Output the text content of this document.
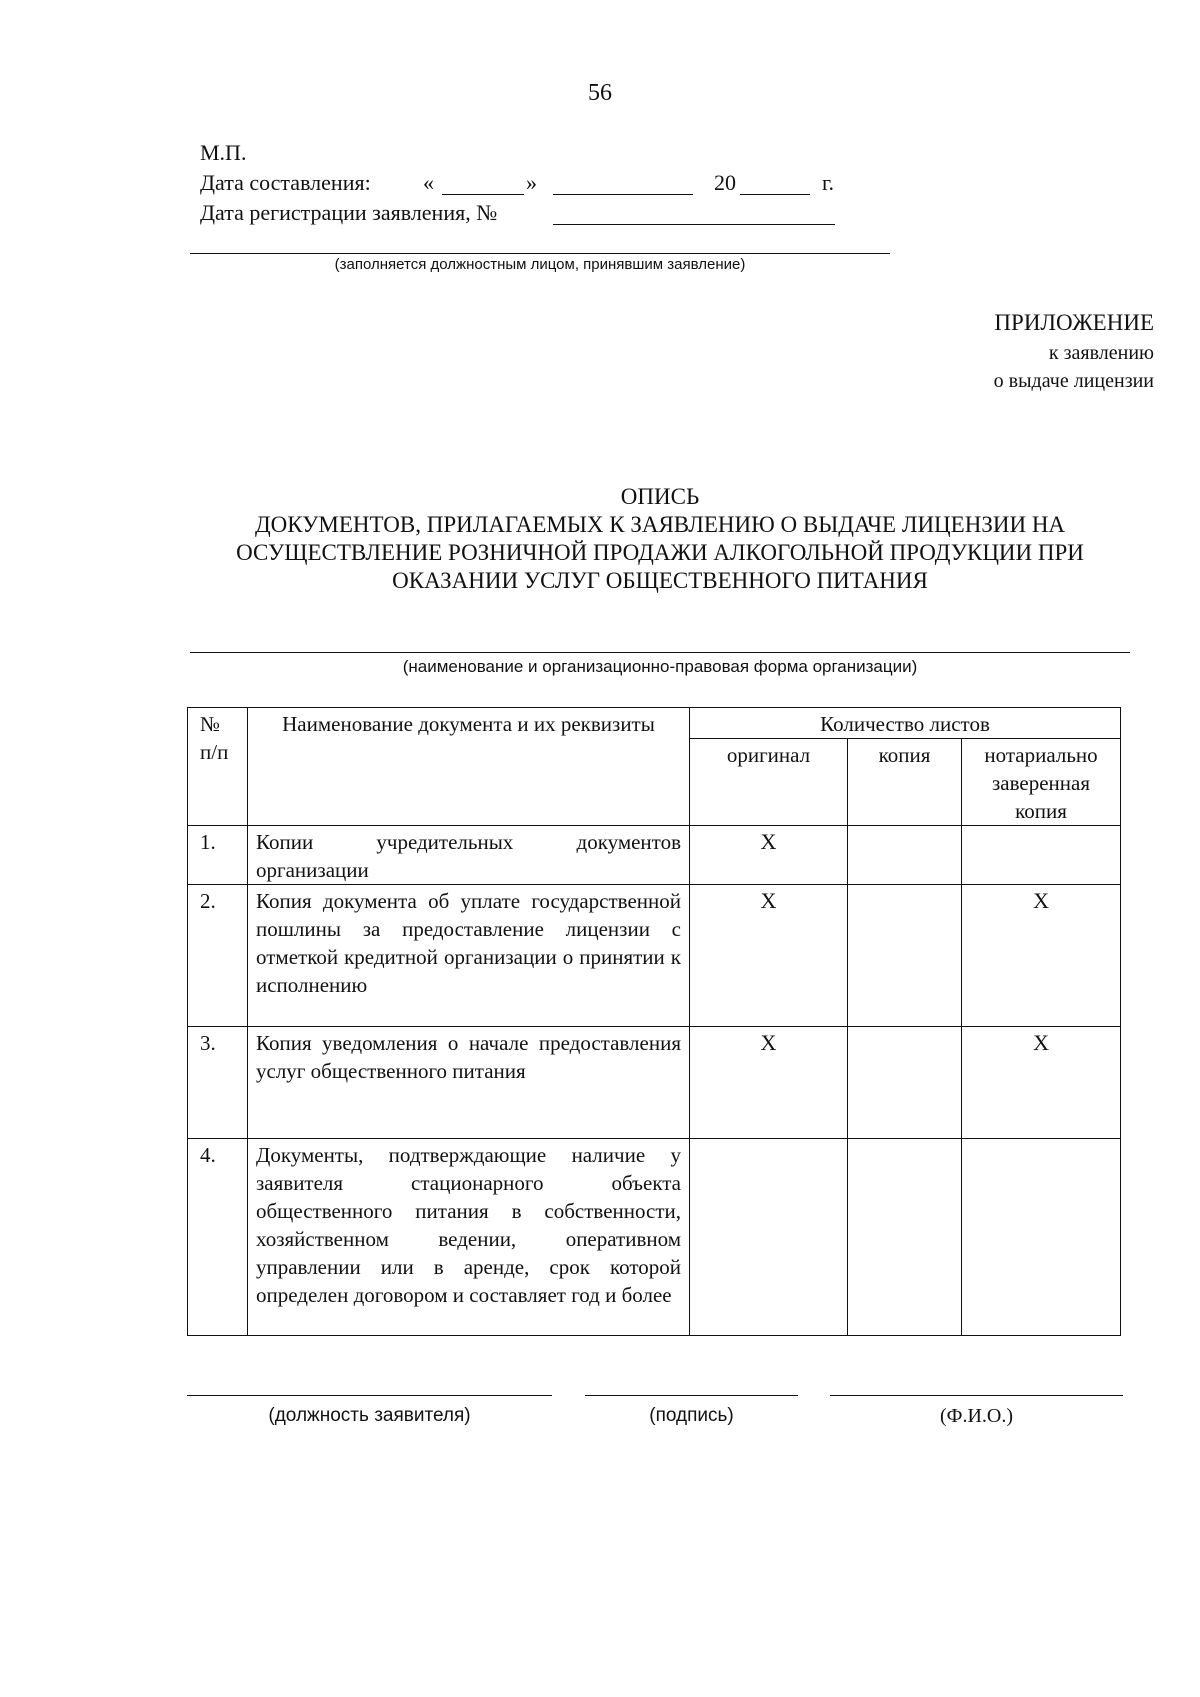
56
М.П.
Дата составления: «	»	20	г.
Дата регистрации заявления, №
(заполняется должностным лицом, принявшим заявление)
ПРИЛОЖЕНИЕ
к заявлению
о выдаче лицензии
ОПИСЬ
ДОКУМЕНТОВ, ПРИЛАГАЕМЫХ К ЗАЯВЛЕНИЮ О ВЫДАЧЕ ЛИЦЕНЗИИ НА
ОСУЩЕСТВЛЕНИЕ РОЗНИЧНОЙ ПРОДАЖИ АЛКОГОЛЬНОЙ ПРОДУКЦИИ ПРИ
ОКАЗАНИИ УСЛУГ ОБЩЕСТВЕННОГО ПИТАНИЯ
(наименование и организационно-правовая форма организации)
№ п/п	Наименование документа и их реквизиты	Количество листов		
		оригинал	копия	нотариально заверенная копия
1.	Копии учредительных документов организации	X		
2.	Копия документа об уплате государственной пошлины за предоставление лицензии с отметкой кредитной организации о принятии к исполнению	X		X
3.	Копия уведомления о начале предоставления услуг общественного питания	X		X
4.	Документы, подтверждающие наличие у заявителя стационарного объекта общественного питания в собственности, хозяйственном ведении, оперативном управлении или в аренде, срок которой определен договором и составляет год и более			
(должность заявителя)	(подпись)	(Ф.И.О.)
